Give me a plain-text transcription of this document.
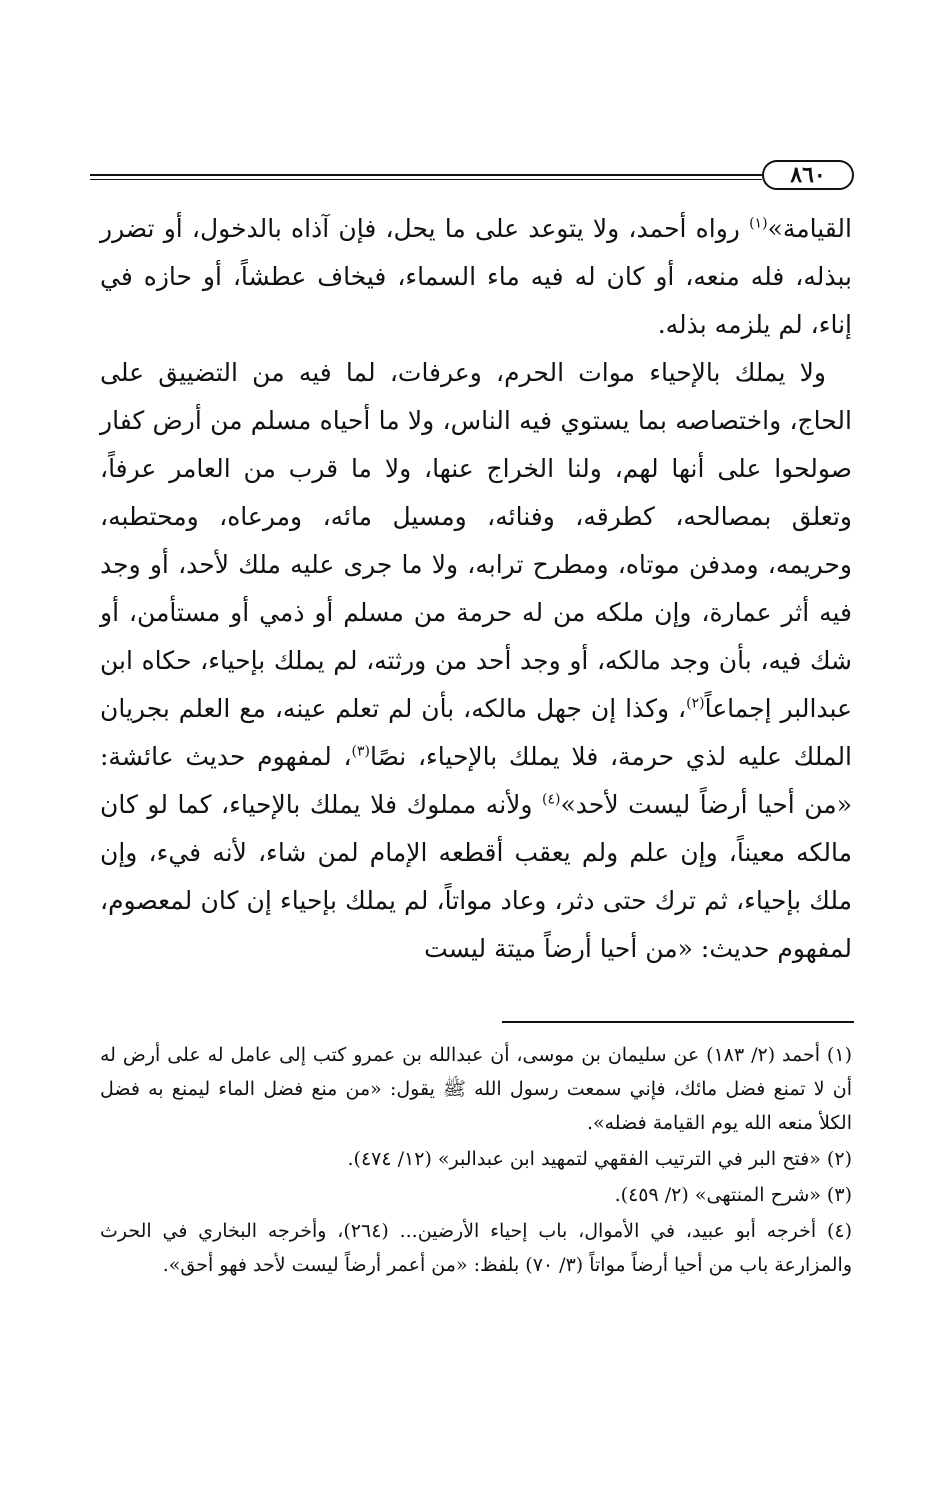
٨٦٠

القيامة»$^{(١)}$ رواه أحمد، ولا يتوعد على ما يحل، فإن آذاه بالدخول، أو تضرر ببذله، فله منعه، أو كان له فيه ماء السماء، فيخاف عطشاً، أو حازه في إناء، لم يلزمه بذله.

ولا يملك بالإحياء موات الحرم، وعرفات، لما فيه من التضييق على الحاج، واختصاصه بما يستوي فيه الناس، ولا ما أحياه مسلم من أرض كفار صولحوا على أنها لهم، ولنا الخراج عنها، ولا ما قرب من العامر عرفاً، وتعلق بمصالحه، كطرقه، وفنائه، ومسيل مائه، ومرعاه، ومحتطبه، وحريمه، ومدفن موتاه، ومطرح ترابه، ولا ما جرى عليه ملك لأحد، أو وجد فيه أثر عمارة، وإن ملكه من له حرمة من مسلم أو ذمي أو مستأمن، أو شك فيه، بأن وجد مالكه، أو وجد أحد من ورثته، لم يملك بإحياء، حكاه ابن عبدالبر إجماعاً$^{(٢)}$، وكذا إن جهل مالكه، بأن لم تعلم عينه، مع العلم بجريان الملك عليه لذي حرمة، فلا يملك بالإحياء، نصًا$^{(٣)}$، لمفهوم حديث عائشة: «من أحيا أرضاً ليست لأحد»$^{(٤)}$ ولأنه مملوك فلا يملك بالإحياء، كما لو كان مالكه معيناً، وإن علم ولم يعقب أقطعه الإمام لمن شاء، لأنه فيء، وإن ملك بإحياء، ثم ترك حتى دثر، وعاد مواتاً، لم يملك بإحياء إن كان لمعصوم، لمفهوم حديث: «من أحيا أرضاً ميتة ليست

(١) أحمد (٢/ ١٨٣) عن سليمان بن موسى، أن عبدالله بن عمرو كتب إلى عامل له على أرض له أن لا تمنع فضل مائك، فإني سمعت رسول الله ﷺ يقول: «من منع فضل الماء ليمنع به فضل الكلأ منعه الله يوم القيامة فضله».

(٢) «فتح البر في الترتيب الفقهي لتمهيد ابن عبدالبر» (١٢/ ٤٧٤).

(٣) «شرح المنتهى» (٢/ ٤٥٩).

(٤) أخرجه أبو عبيد، في الأموال، باب إحياء الأرضين... (٢٦٤)، وأخرجه البخاري في الحرث والمزارعة باب من أحيا أرضاً مواتاً (٣/ ٧٠) بلفظ: «من أعمر أرضاً ليست لأحد فهو أحق».
